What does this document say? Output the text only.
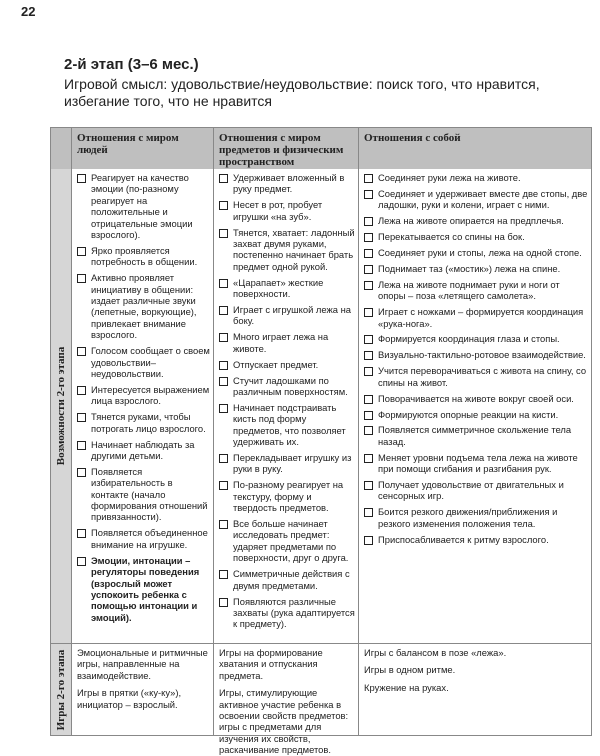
22
2-й этап (3–6 мес.)
Игровой смысл: удовольствие/неудовольствие: поиск того, что нравится, избегание того, что не нравится
Отношения с миром людей
Отношения с миром предметов и физическим пространством
Отношения с собой
Возможности 2-го этапа
Реагирует на качество эмоции (по-разному реагирует на положительные и отрицательные эмоции взрослого).
Ярко проявляется потребность в общении.
Активно проявляет инициативу в общении: издает различные звуки (лепетные, воркующие), привлекает внимание взрослого.
Голосом сообщает о своем удовольствии–неудовольствии.
Интересуется выражением лица взрослого.
Тянется руками, чтобы потрогать лицо взрослого.
Начинает наблюдать за другими детьми.
Появляется избирательность в контакте (начало формирования отношений привязанности).
Появляется объединенное внимание на игрушке.
Эмоции, интонации – регуляторы поведения (взрослый может успокоить ребенка с помощью интонации и эмоций).
Удерживает вложенный в руку предмет.
Несет в рот, пробует игрушки «на зуб».
Тянется, хватает: ладонный захват двумя руками, постепенно начинает брать предмет одной рукой.
«Царапает» жесткие поверхности.
Играет с игрушкой лежа на боку.
Много играет лежа на животе.
Отпускает предмет.
Стучит ладошками по различным поверхностям.
Начинает подстраивать кисть под форму предметов, что позволяет удерживать их.
Перекладывает игрушку из руки в руку.
По-разному реагирует на текстуру, форму и твердость предметов.
Все больше начинает исследовать предмет: ударяет предметами по поверхности, друг о друга.
Симметричные действия с двумя предметами.
Появляются различные захваты (рука адаптируется к предмету).
Соединяет руки лежа на животе.
Соединяет и удерживает вместе две стопы, две ладошки, руки и колени, играет с ними.
Лежа на животе опирается на предплечья.
Перекатывается со спины на бок.
Соединяет руки и стопы, лежа на одной стопе.
Поднимает таз («мостик») лежа на спине.
Лежа на животе поднимает руки и ноги от опоры – поза «летящего самолета».
Играет с ножками – формируется координация «рука-нога».
Формируется координация глаза и стопы.
Визуально-тактильно-ротовое взаимодействие.
Учится переворачиваться с живота на спину, со спины на живот.
Поворачивается на животе вокруг своей оси.
Формируются опорные реакции на кисти.
Появляется симметричное скольжение тела назад.
Меняет уровни подъема тела лежа на животе при помощи сгибания и разгибания рук.
Получает удовольствие от двигательных и сенсорных игр.
Боится резкого движения/приближения и резкого изменения положения тела.
Приспосабливается к ритму взрослого.
Игры 2-го этапа Эмоциональные и ритмичные игры, направленные на взаимодействие.
Игры в прятки («ку-ку»), инициатор – взрослый.
Игры на формирование хватания и отпускания предмета.
Игры, стимулирующие активное участие ребенка в освоении свойств предметов: игры с предметами для изучения их свойств, раскачивание предметов.
Игры с балансом в позе «лежа».
Игры в одном ритме.
Кружение на руках.
